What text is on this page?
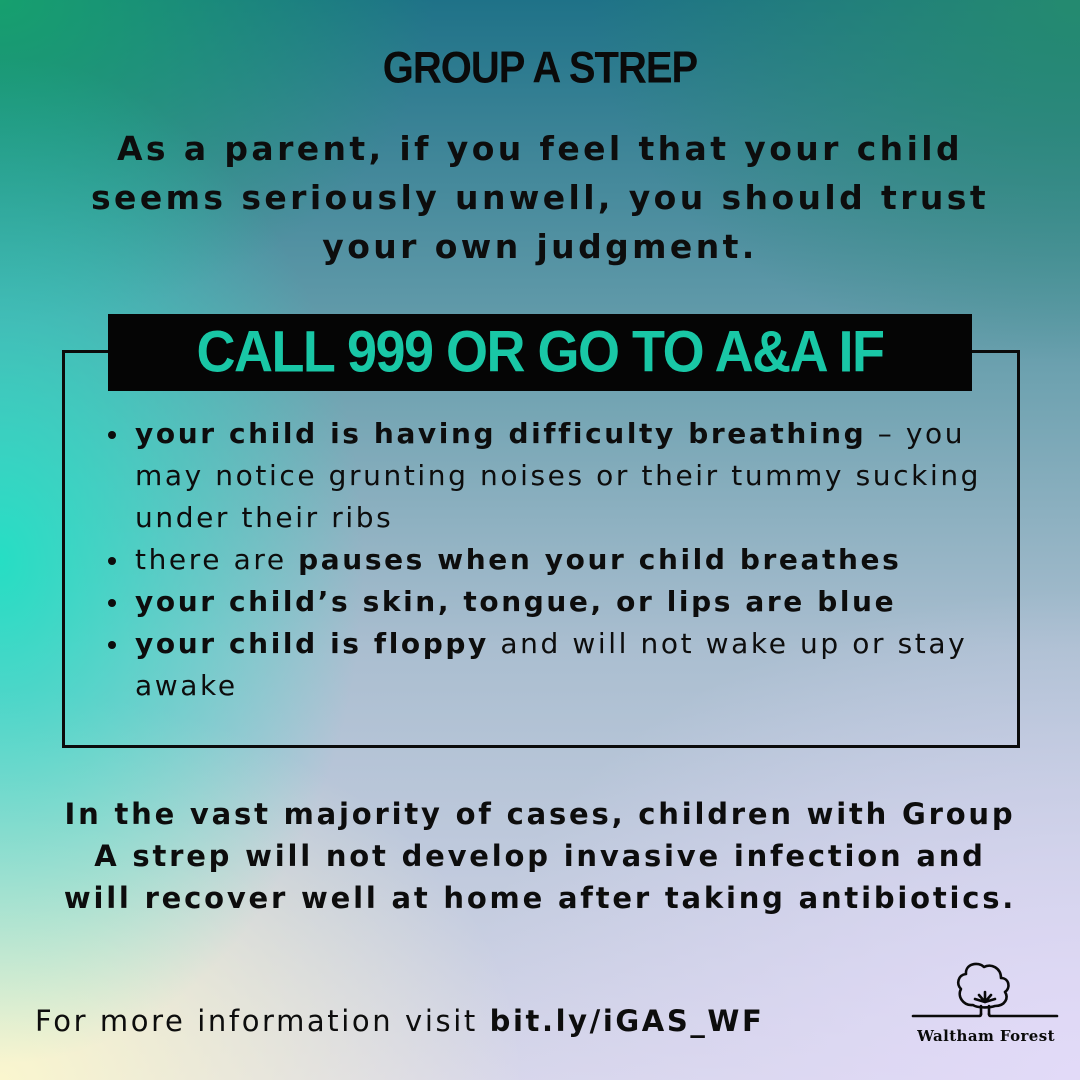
GROUP A STREP
As a parent, if you feel that your child seems seriously unwell, you should trust your own judgment.
CALL 999 OR GO TO A&A IF
your child is having difficulty breathing – you may notice grunting noises or their tummy sucking under their ribs
there are pauses when your child breathes
your child’s skin, tongue, or lips are blue
your child is floppy and will not wake up or stay awake
In the vast majority of cases, children with Group A strep will not develop invasive infection and will recover well at home after taking antibiotics.
For more information visit bit.ly/iGAS_WF	Waltham Forest
